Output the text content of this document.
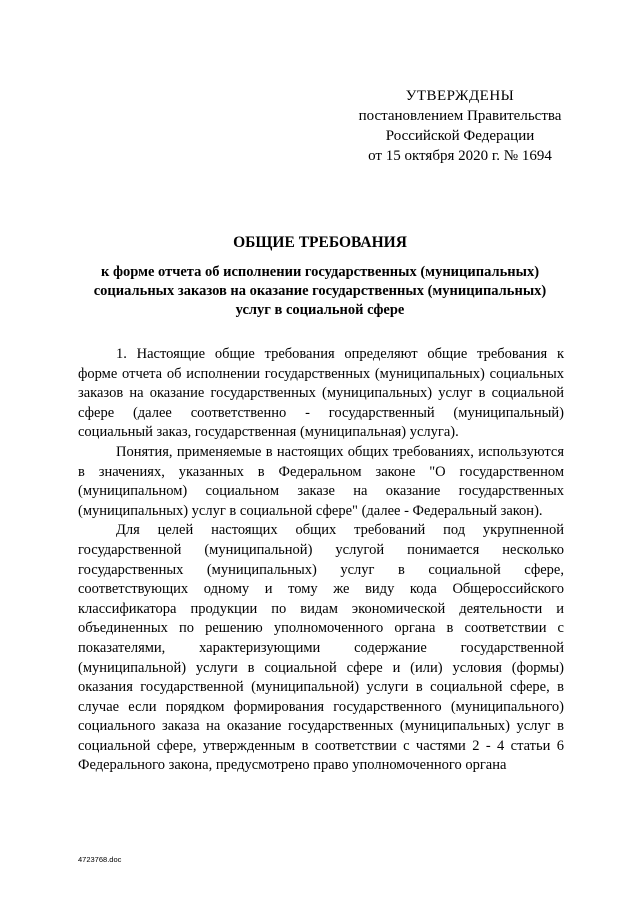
УТВЕРЖДЕНЫ
постановлением Правительства
Российской Федерации
от 15 октября 2020 г. № 1694
ОБЩИЕ ТРЕБОВАНИЯ
к форме отчета об исполнении государственных (муниципальных)
социальных заказов на оказание государственных (муниципальных)
услуг в социальной сфере

1. Настоящие общие требования определяют общие требования к форме отчета об исполнении государственных (муниципальных) социальных заказов на оказание государственных (муниципальных) услуг в социальной сфере (далее соответственно - государственный (муниципальный) социальный заказ, государственная (муниципальная) услуга).

Понятия, применяемые в настоящих общих требованиях, используются в значениях, указанных в Федеральном законе "О государственном (муниципальном) социальном заказе на оказание государственных (муниципальных) услуг в социальной сфере" (далее - Федеральный закон).

Для целей настоящих общих требований под укрупненной государственной (муниципальной) услугой понимается несколько государственных (муниципальных) услуг в социальной сфере, соответствующих одному и тому же виду кода Общероссийского классификатора продукции по видам экономической деятельности и объединенных по решению уполномоченного органа в соответствии с показателями, характеризующими содержание государственной (муниципальной) услуги в социальной сфере и (или) условия (формы) оказания государственной (муниципальной) услуги в социальной сфере, в случае если порядком формирования государственного (муниципального) социального заказа на оказание государственных (муниципальных) услуг в социальной сфере, утвержденным в соответствии с частями 2 - 4 статьи 6 Федерального закона, предусмотрено право уполномоченного органа

4723768.doc
